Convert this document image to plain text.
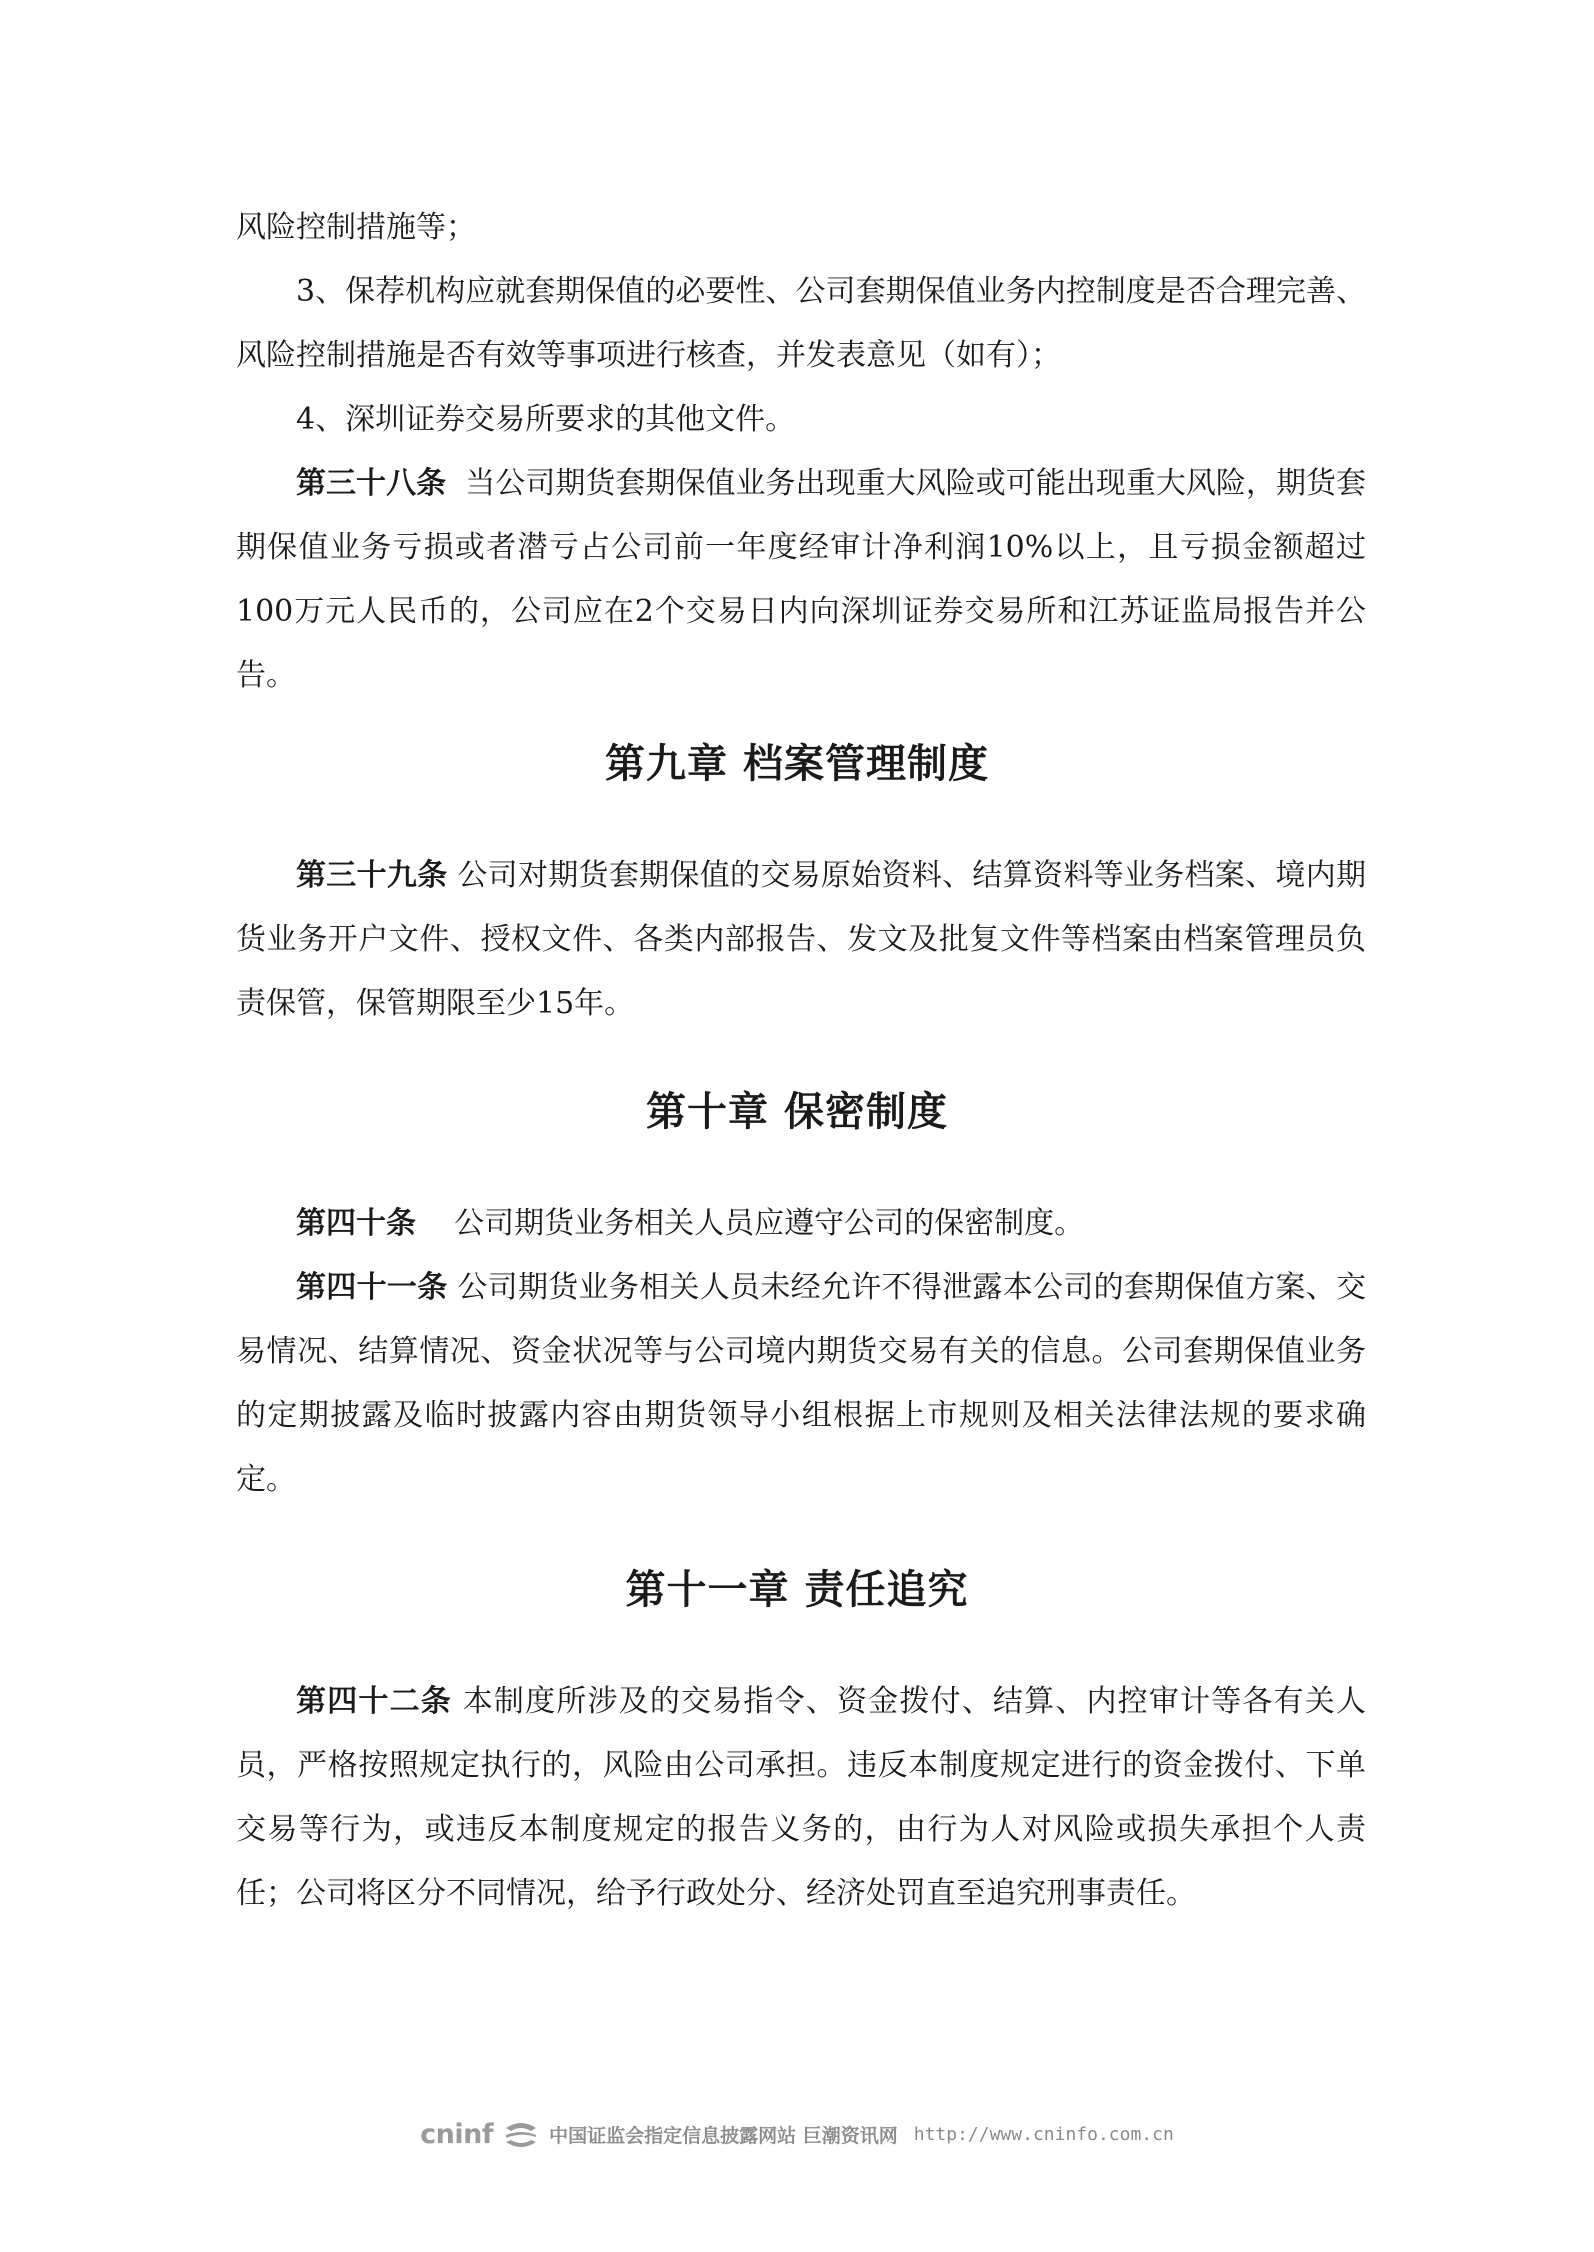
风险控制措施等；

3、保荐机构应就套期保值的必要性、公司套期保值业务内控制度是否合理完善、风险控制措施是否有效等事项进行核查，并发表意见（如有）；

4、深圳证券交易所要求的其他文件。

第三十八条 当公司期货套期保值业务出现重大风险或可能出现重大风险，期货套期保值业务亏损或者潜亏占公司前一年度经审计净利润10%以上，且亏损金额超过100万元人民币的，公司应在2个交易日内向深圳证券交易所和江苏证监局报告并公告。

第九章 档案管理制度

第三十九条 公司对期货套期保值的交易原始资料、结算资料等业务档案、境内期货业务开户文件、授权文件、各类内部报告、发文及批复文件等档案由档案管理员负责保管，保管期限至少15年。

第十章 保密制度

第四十条 公司期货业务相关人员应遵守公司的保密制度。

第四十一条 公司期货业务相关人员未经允许不得泄露本公司的套期保值方案、交易情况、结算情况、资金状况等与公司境内期货交易有关的信息。公司套期保值业务的定期披露及临时披露内容由期货领导小组根据上市规则及相关法律法规的要求确定。

第十一章 责任追究

第四十二条 本制度所涉及的交易指令、资金拨付、结算、内控审计等各有关人员，严格按照规定执行的，风险由公司承担。违反本制度规定进行的资金拨付、下单交易等行为，或违反本制度规定的报告义务的，由行为人对风险或损失承担个人责任；公司将区分不同情况，给予行政处分、经济处罚直至追究刑事责任。

cninf	中国证监会指定信息披露网站 巨潮资讯网 http://www.cninfo.com.cn
